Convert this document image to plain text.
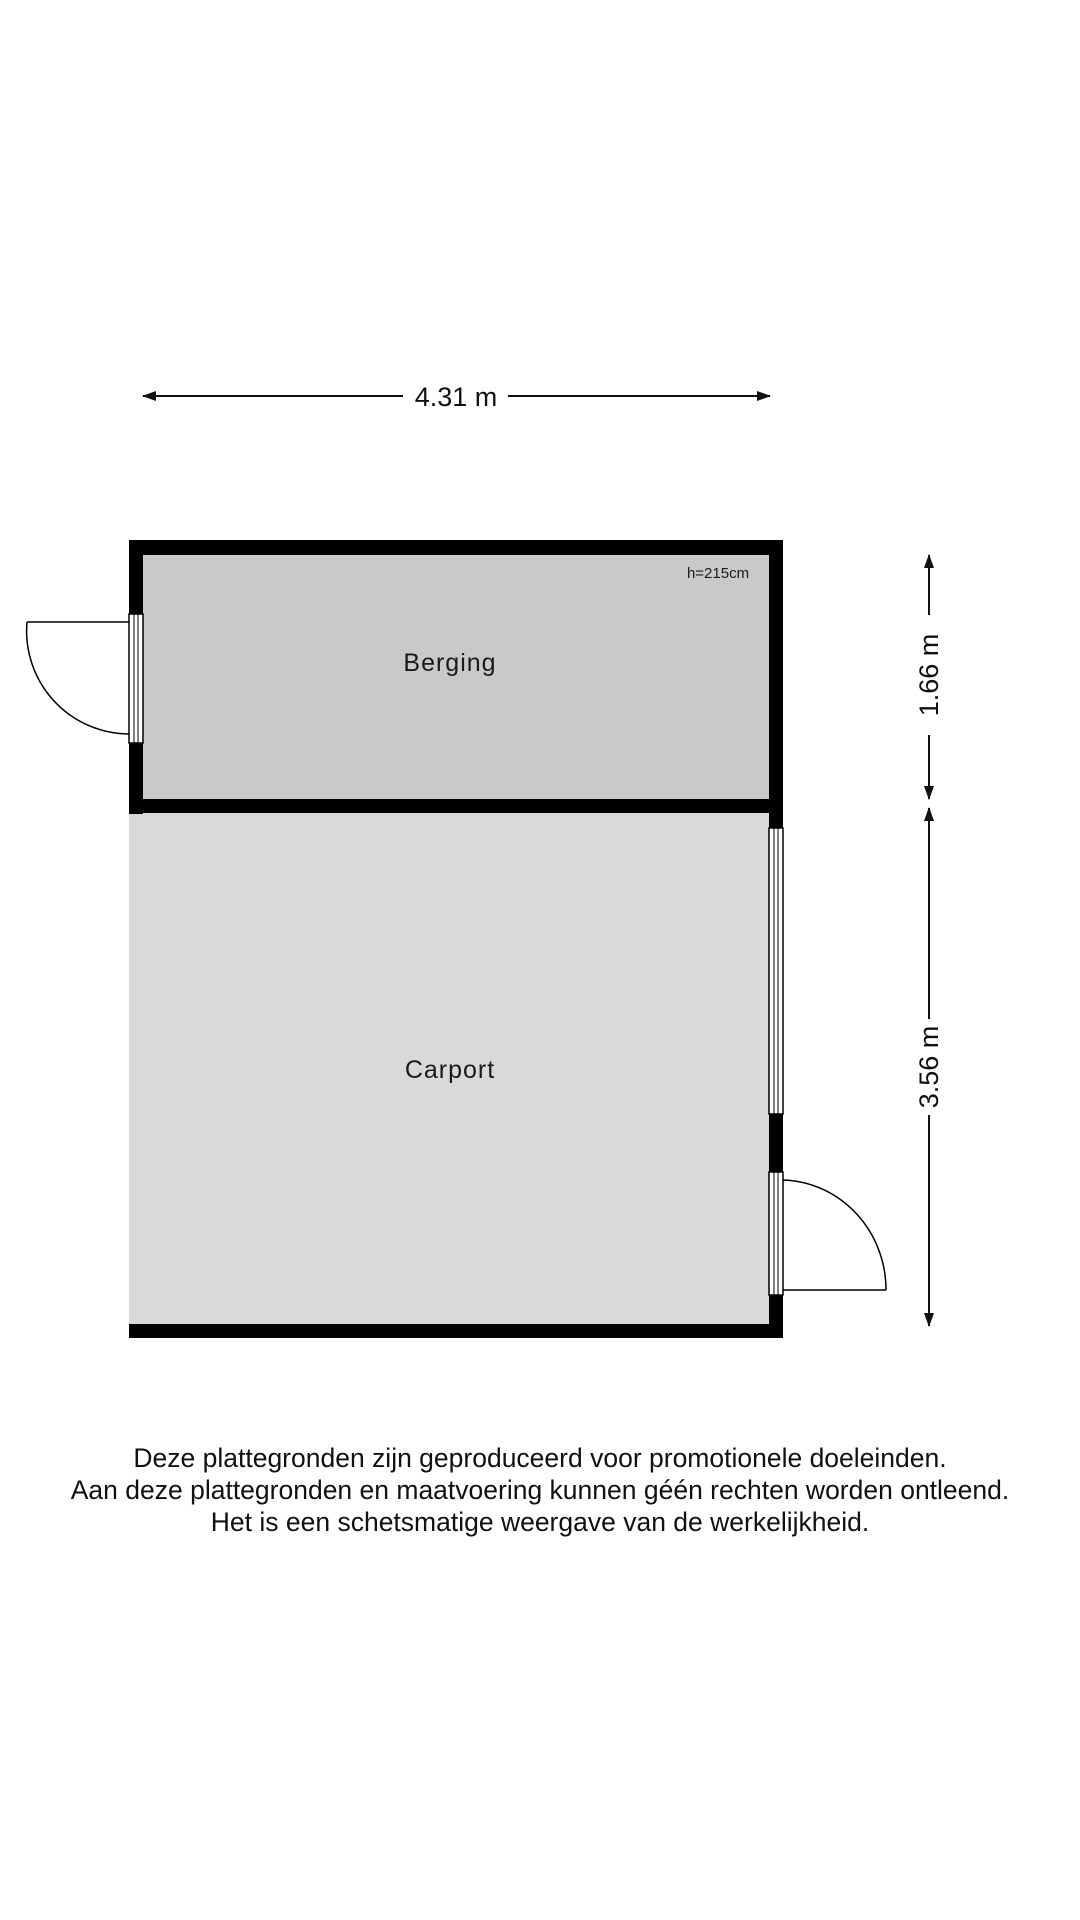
Berging
h=215cm
Carport
4.31 m
1.66 m
3.56 m
Deze plattegronden zijn geproduceerd voor promotionele doeleinden.
Aan deze plattegronden en maatvoering kunnen géén rechten worden ontleend.
Het is een schetsmatige weergave van de werkelijkheid.
